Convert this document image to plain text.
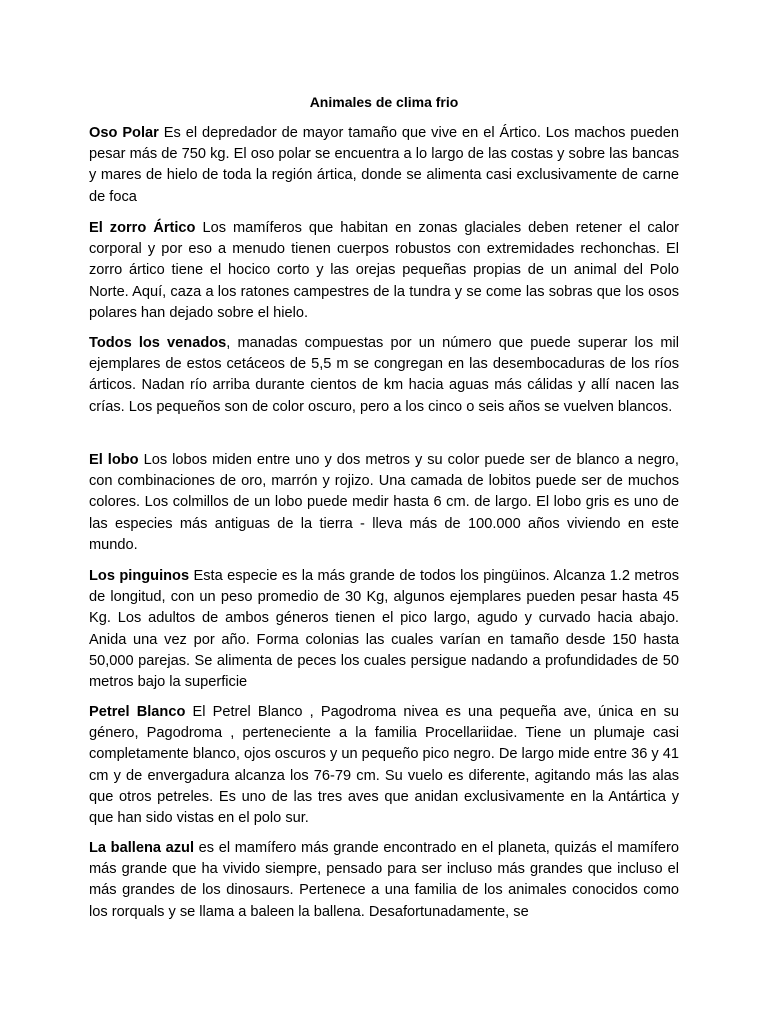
Animales de clima frio

Oso Polar Es el depredador de mayor tamaño que vive en el Ártico. Los machos pueden pesar más de 750 kg. El oso polar se encuentra a lo largo de las costas y sobre las bancas y mares de hielo de toda la región ártica, donde se alimenta casi exclusivamente de carne de foca

El zorro Ártico Los mamíferos que habitan en zonas glaciales deben retener el calor corporal y por eso a menudo tienen cuerpos robustos con extremidades rechonchas. El zorro ártico tiene el hocico corto y las orejas pequeñas propias de un animal del Polo Norte. Aquí, caza a los ratones campestres de la tundra y se come las sobras que los osos polares han dejado sobre el hielo.

Todos los venados, manadas compuestas por un número que puede superar los mil ejemplares de estos cetáceos de 5,5 m se congregan en las desembocaduras de los ríos árticos. Nadan río arriba durante cientos de km hacia aguas más cálidas y allí nacen las crías. Los pequeños son de color oscuro, pero a los cinco o seis años se vuelven blancos.

El lobo Los lobos miden entre uno y dos metros y su color puede ser de blanco a negro, con combinaciones de oro, marrón y rojizo. Una camada de lobitos puede ser de muchos colores. Los colmillos de un lobo puede medir hasta 6 cm. de largo. El lobo gris es uno de las especies más antiguas de la tierra - lleva más de 100.000 años viviendo en este mundo.

Los pinguinos Esta especie es la más grande de todos los pingüinos. Alcanza 1.2 metros de longitud, con un peso promedio de 30 Kg, algunos ejemplares pueden pesar hasta 45 Kg. Los adultos de ambos géneros tienen el pico largo, agudo y curvado hacia abajo. Anida una vez por año. Forma colonias las cuales varían en tamaño desde 150 hasta 50,000 parejas. Se alimenta de peces los cuales persigue nadando a profundidades de 50 metros bajo la superficie

Petrel Blanco El Petrel Blanco , Pagodroma nivea es una pequeña ave, única en su género, Pagodroma , perteneciente a la familia Procellariidae. Tiene un plumaje casi completamente blanco, ojos oscuros y un pequeño pico negro. De largo mide entre 36 y 41 cm y de envergadura alcanza los 76-79 cm. Su vuelo es diferente, agitando más las alas que otros petreles. Es uno de las tres aves que anidan exclusivamente en la Antártica y que han sido vistas en el polo sur.

La ballena azul es el mamífero más grande encontrado en el planeta, quizás el mamífero más grande que ha vivido siempre, pensado para ser incluso más grandes que incluso el más grandes de los dinosaurs. Pertenece a una familia de los animales conocidos como los rorquals y se llama a baleen la ballena. Desafortunadamente, se
